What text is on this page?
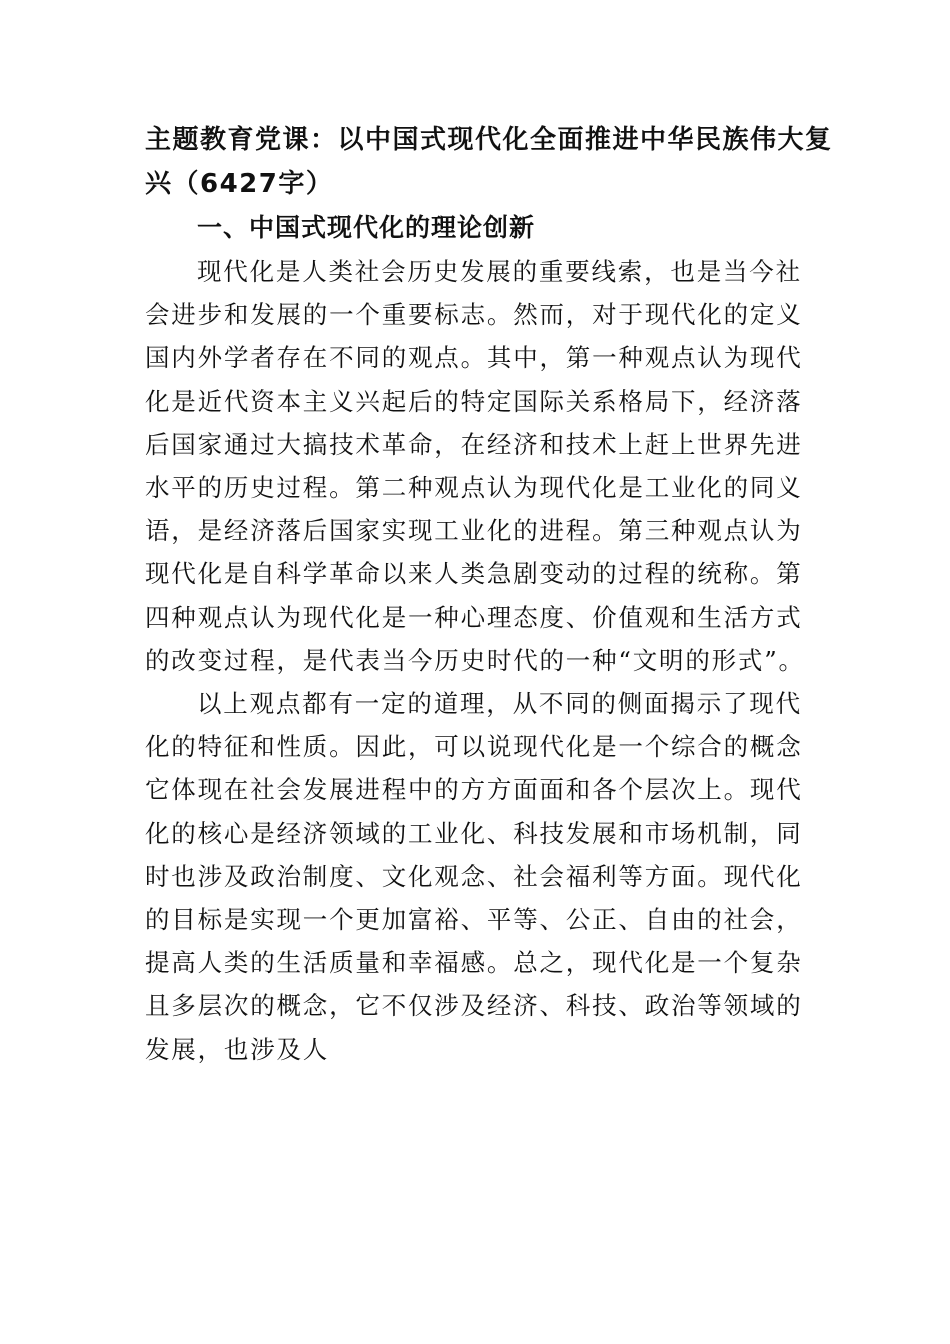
主题教育党课：以中国式现代化全面推进中华民族伟大复
兴（6427字）
一、中国式现代化的理论创新

现代化是人类社会历史发展的重要线索，也是当今社
会进步和发展的一个重要标志。然而，对于现代化的定义
国内外学者存在不同的观点。其中，第一种观点认为现代
化是近代资本主义兴起后的特定国际关系格局下，经济落
后国家通过大搞技术革命，在经济和技术上赶上世界先进
水平的历史过程。第二种观点认为现代化是工业化的同义
语，是经济落后国家实现工业化的进程。第三种观点认为
现代化是自科学革命以来人类急剧变动的过程的统称。第
四种观点认为现代化是一种心理态度、价值观和生活方式
的改变过程，是代表当今历史时代的一种“文明的形式”。

以上观点都有一定的道理，从不同的侧面揭示了现代
化的特征和性质。因此，可以说现代化是一个综合的概念
它体现在社会发展进程中的方方面面和各个层次上。现代
化的核心是经济领域的工业化、科技发展和市场机制，同
时也涉及政治制度、文化观念、社会福利等方面。现代化
的目标是实现一个更加富裕、平等、公正、自由的社会，
提高人类的生活质量和幸福感。总之，现代化是一个复杂
且多层次的概念，它不仅涉及经济、科技、政治等领域的
发展，也涉及人
